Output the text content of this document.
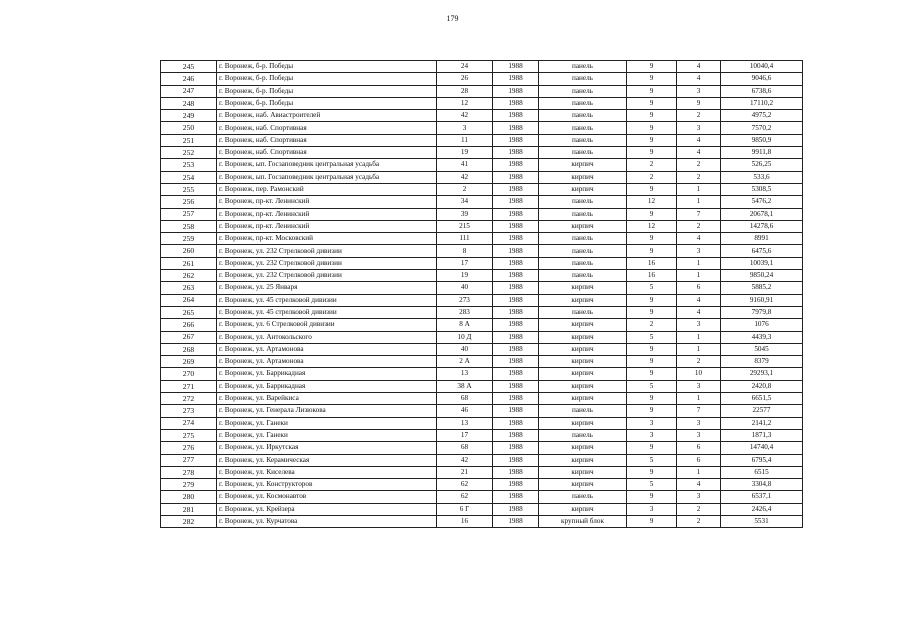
179
245	г. Воронеж, б-р. Победы	24	1988	панель	9	4	10040,4
246	г. Воронеж, б-р. Победы	26	1988	панель	9	4	9046,6
247	г. Воронеж, б-р. Победы	28	1988	панель	9	3	6738,6
248	г. Воронеж, б-р. Победы	12	1988	панель	9	9	17110,2
249	г. Воронеж, наб. Авиастроителей	42	1988	панель	9	2	4975,2
250	г. Воронеж, наб. Спортивная	3	1988	панель	9	3	7570,2
251	г. Воронеж, наб. Спортивная	11	1988	панель	9	4	9850,9
252	г. Воронеж, наб. Спортивная	19	1988	панель	9	4	9911,8
253	г. Воронеж, ып. Госзаповедник центральная усадьба	41	1988	кирпич	2	2	526,25
254	г. Воронеж, ып. Госзаповедник центральная усадьба	42	1988	кирпич	2	2	533,6
255	г. Воронеж, пер. Рамонский	2	1988	кирпич	9	1	5308,5
256	г. Воронеж, пр-кт. Ленинский	34	1988	панель	12	1	5476,2
257	г. Воронеж, пр-кт. Ленинский	39	1988	панель	9	7	20678,1
258	г. Воронеж, пр-кт. Ленинский	215	1988	кирпич	12	2	14278,6
259	г. Воронеж, пр-кт. Московский	111	1988	панель	9	4	8991
260	г. Воронеж, ул. 232 Стрелковой дивизии	8	1988	панель	9	3	6475,6
261	г. Воронеж, ул. 232 Стрелковой дивизии	17	1988	панель	16	1	10039,1
262	г. Воронеж, ул. 232 Стрелковой дивизии	19	1988	панель	16	1	9850,24
263	г. Воронеж, ул. 25 Января	40	1988	кирпич	5	6	5885,2
264	г. Воронеж, ул. 45 стрелковой дивизии	273	1988	кирпич	9	4	9160,91
265	г. Воронеж, ул. 45 стрелковой дивизии	283	1988	панель	9	4	7979,8
266	г. Воронеж, ул. 6 Стрелковой дивизии	8 А	1988	кирпич	2	3	1076
267	г. Воронеж, ул. Антокольского	10 Д	1988	кирпич	5	1	4439,3
268	г. Воронеж, ул. Артамонова	40	1988	кирпич	9	1	5045
269	г. Воронеж, ул. Артамонова	2 А	1988	кирпич	9	2	8379
270	г. Воронеж, ул. Баррикадная	13	1988	кирпич	9	10	29293,1
271	г. Воронеж, ул. Баррикадная	38 А	1988	кирпич	5	3	2420,8
272	г. Воронеж, ул. Варейкиса	68	1988	кирпич	9	1	6651,5
273	г. Воронеж, ул. Генерала Лизюкова	46	1988	панель	9	7	22577
274	г. Воронеж, ул. Ганеки	13	1988	кирпич	3	3	2141,2
275	г. Воронеж, ул. Ганеки	17	1988	панель	3	3	1871,3
276	г. Воронеж, ул. Иркутская	68	1988	кирпич	9	6	14740,4
277	г. Воронеж, ул. Керамическая	42	1988	кирпич	5	6	6795,4
278	г. Воронеж, ул. Киселева	21	1988	кирпич	9	1	6515
279	г. Воронеж, ул. Конструкторов	62	1988	кирпич	5	4	3304,8
280	г. Воронеж, ул. Космонавтов	62	1988	панель	9	3	6537,1
281	г. Воронеж, ул. Крейзера	6 Г	1988	кирпич	3	2	2426,4
282	г. Воронеж, ул. Курчатова	16	1988	крупный блок	9	2	5531
